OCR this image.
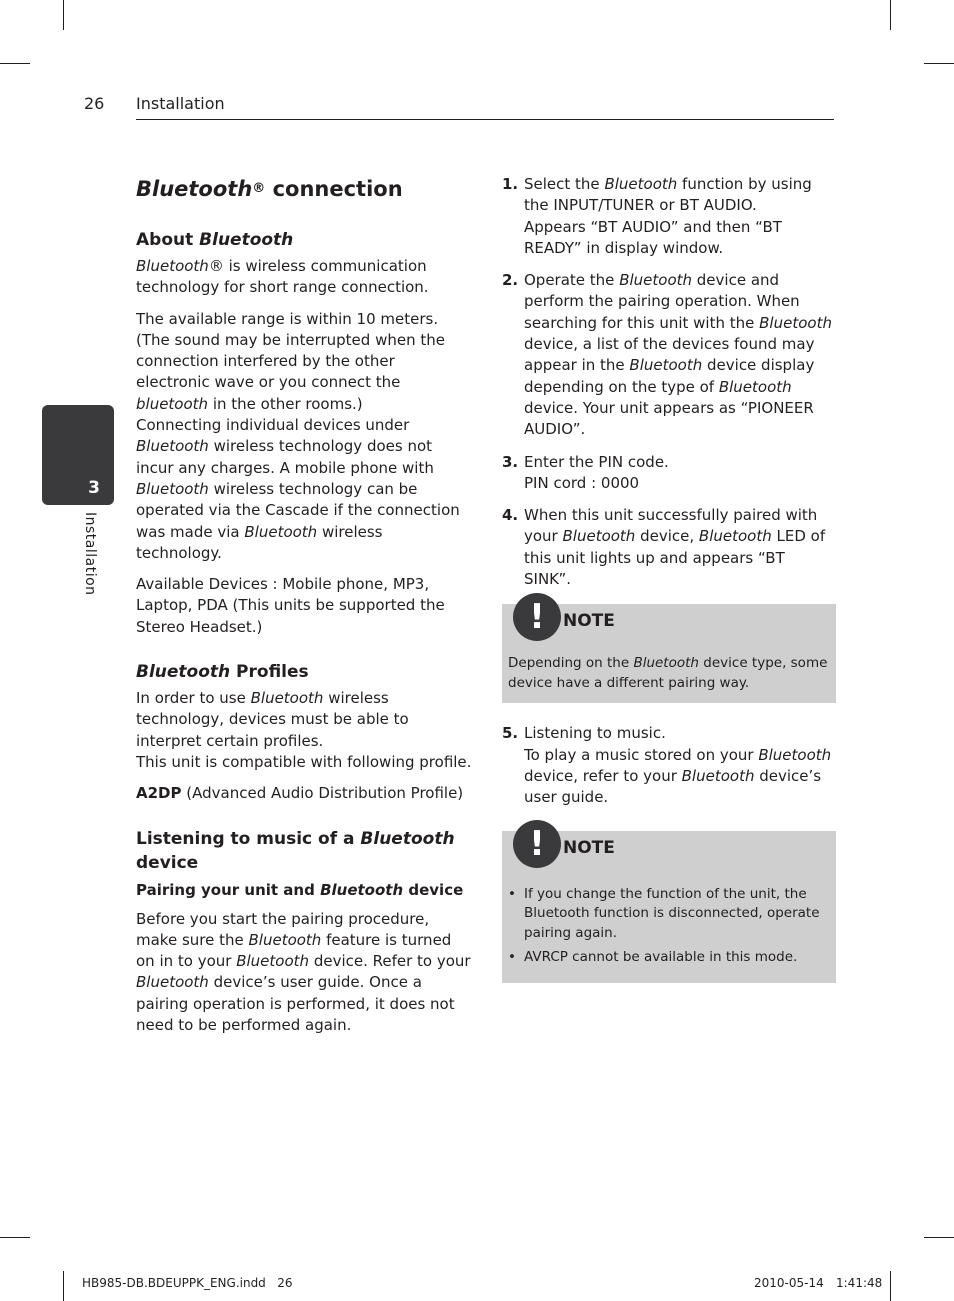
26 Installation
3
Installation
Bluetooth® connection
About Bluetooth

Bluetooth® is wireless communication technology for short range connection.

The available range is within 10 meters. (The sound may be interrupted when the connection interfered by the other electronic wave or you connect the bluetooth in the other rooms.)
Connecting individual devices under Bluetooth wireless technology does not incur any charges. A mobile phone with Bluetooth wireless technology can be operated via the Cascade if the connection was made via Bluetooth wireless technology.

Available Devices : Mobile phone, MP3, Laptop, PDA (This units be supported the Stereo Headset.)

Bluetooth Profiles

In order to use Bluetooth wireless technology, devices must be able to interpret certain profiles.
This unit is compatible with following profile.

A2DP (Advanced Audio Distribution Profile)

Listening to music of a Bluetooth
device
Pairing your unit and Bluetooth device

Before you start the pairing procedure, make sure the Bluetooth feature is turned on in to your Bluetooth device. Refer to your Bluetooth device’s user guide. Once a pairing operation is performed, it does not need to be performed again.

1. Select the Bluetooth function by using the INPUT/TUNER or BT AUDIO.
Appears “BT AUDIO” and then “BT READY” in display window.
2. Operate the Bluetooth device and perform the pairing operation. When searching for this unit with the Bluetooth device, a list of the devices found may appear in the Bluetooth device display depending on the type of Bluetooth device. Your unit appears as “PIONEER AUDIO”.
3. Enter the PIN code.
PIN cord : 0000
4. When this unit successfully paired with your Bluetooth device, Bluetooth LED of this unit lights up and appears “BT SINK”.
!	NOTE

Depending on the Bluetooth device type, some device have a different pairing way.

5. Listening to music.
To play a music stored on your Bluetooth device, refer to your Bluetooth device’s user guide.
!	NOTE
• If you change the function of the unit, the Bluetooth function is disconnected, operate pairing again.
• AVRCP cannot be available in this mode.
HB985-DB.BDEUPPK_ENG.indd   26	2010-05-14 1:41:48
